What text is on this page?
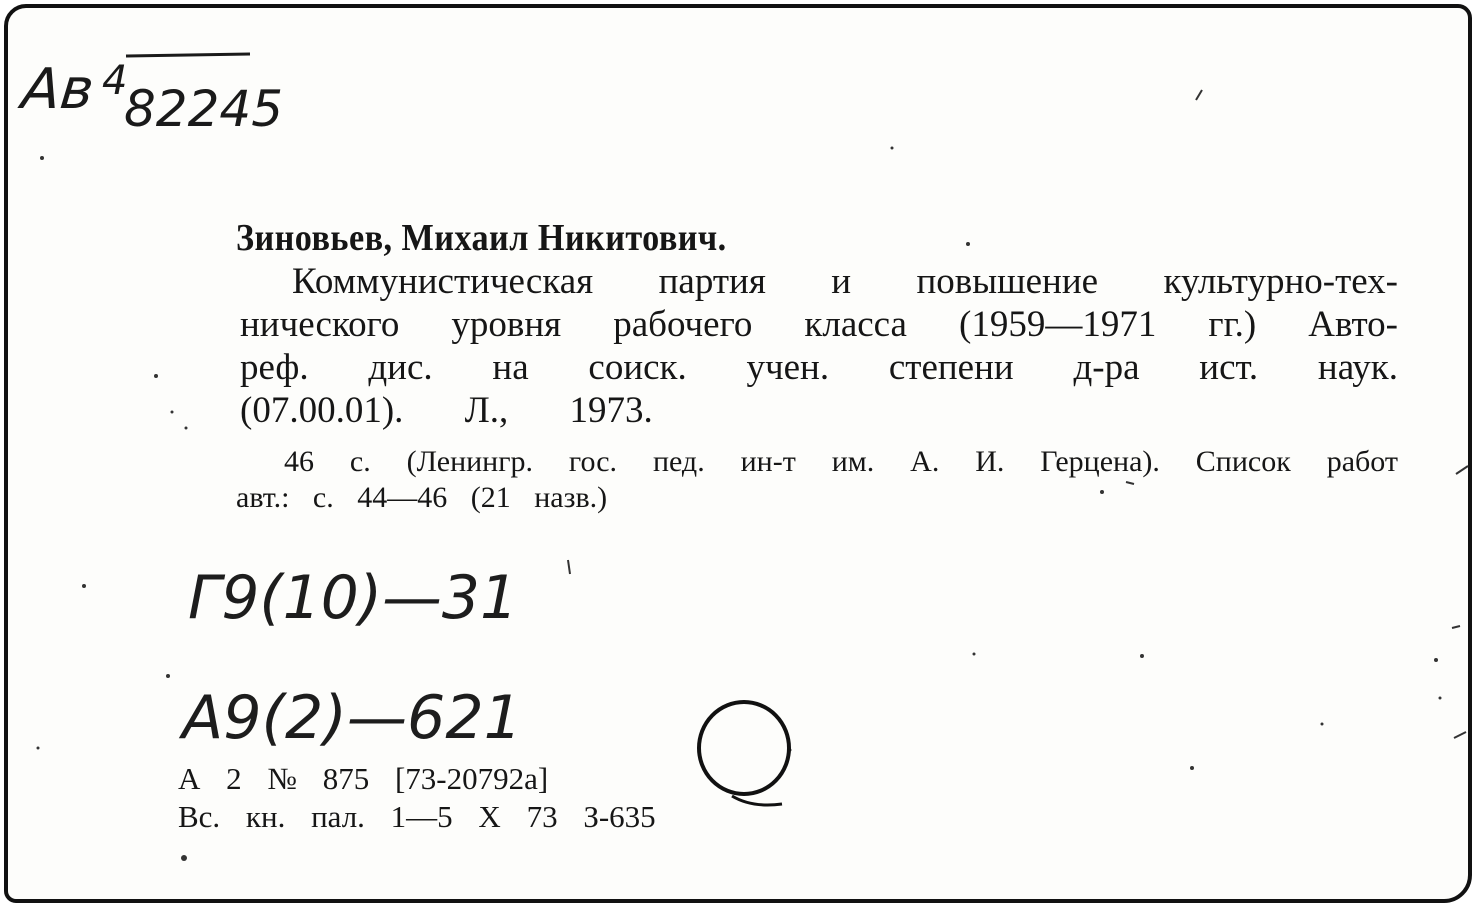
Ав 4
82245
Зиновьев, Михаил Никитович.

Коммунистическая партия и повышение культурно-тех-

нического уровня рабочего класса (1959—1971 гг.) Авто-

реф. дис. на соиск. учен. степени д-ра ист. наук.

(07.00.01). Л., 1973.

46 с. (Ленингр. гос. пед. ин-т им. А. И. Герцена). Список работ

авт.: с. 44—46 (21 назв.)

Г9(10)—31
А9(2)—621

А 2 № 875 [73-20792а]

Вс. кн. пал. 1—5 X 73 З-635
